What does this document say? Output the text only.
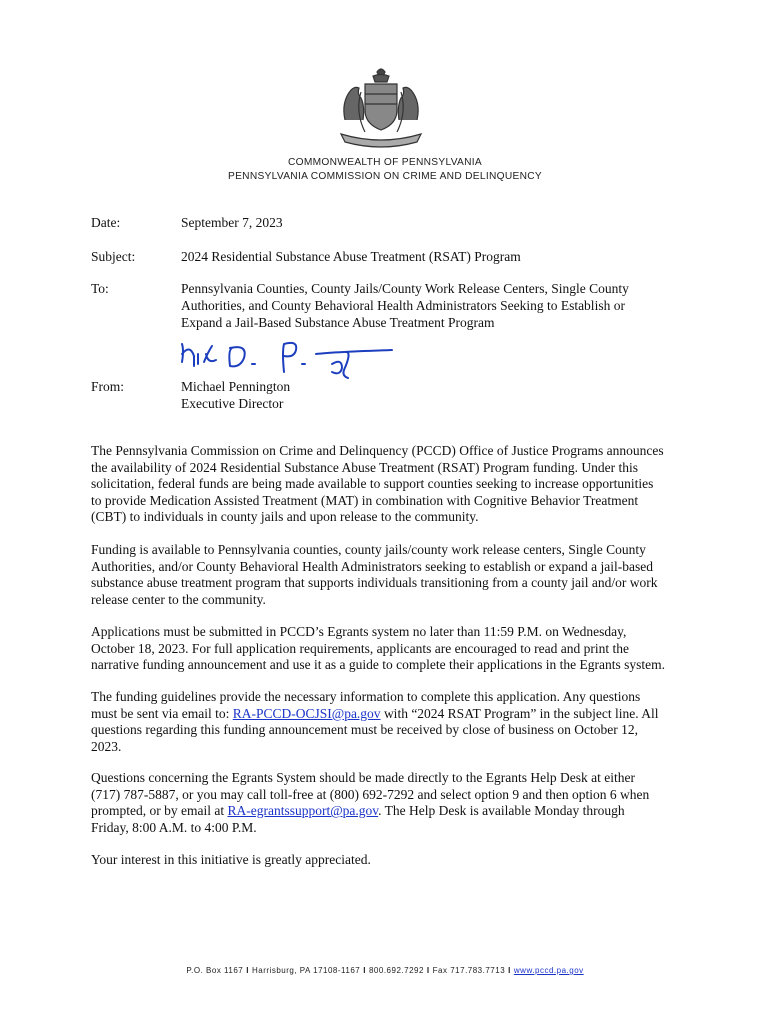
COMMONWEALTH OF PENNSYLVANIA
PENNSYLVANIA COMMISSION ON CRIME AND DELINQUENCY
Date:	September 7, 2023
Subject:	2024 Residential Substance Abuse Treatment (RSAT) Program
To:	Pennsylvania Counties, County Jails/County Work Release Centers, Single County
Authorities, and County Behavioral Health Administrators Seeking to Establish or
Expand a Jail-Based Substance Abuse Treatment Program
From:	Michael Pennington
Executive Director
The Pennsylvania Commission on Crime and Delinquency (PCCD) Office of Justice Programs announces
the availability of 2024 Residential Substance Abuse Treatment (RSAT) Program funding. Under this
solicitation, federal funds are being made available to support counties seeking to increase opportunities
to provide Medication Assisted Treatment (MAT) in combination with Cognitive Behavior Treatment
(CBT) to individuals in county jails and upon release to the community.
Funding is available to Pennsylvania counties, county jails/county work release centers, Single County
Authorities, and/or County Behavioral Health Administrators seeking to establish or expand a jail-based
substance abuse treatment program that supports individuals transitioning from a county jail and/or work
release center to the community.
Applications must be submitted in PCCD’s Egrants system no later than 11:59 P.M. on Wednesday,
October 18, 2023. For full application requirements, applicants are encouraged to read and print the
narrative funding announcement and use it as a guide to complete their applications in the Egrants system.
The funding guidelines provide the necessary information to complete this application. Any questions
must be sent via email to: RA-PCCD-OCJSI@pa.gov with “2024 RSAT Program” in the subject line. All
questions regarding this funding announcement must be received by close of business on October 12,
2023.
Questions concerning the Egrants System should be made directly to the Egrants Help Desk at either
(717) 787-5887, or you may call toll-free at (800) 692-7292 and select option 9 and then option 6 when
prompted, or by email at RA-egrantssupport@pa.gov. The Help Desk is available Monday through
Friday, 8:00 A.M. to 4:00 P.M.
Your interest in this initiative is greatly appreciated.
P.O. Box 1167 I Harrisburg, PA 17108-1167 I 800.692.7292 I Fax 717.783.7713 I www.pccd.pa.gov
